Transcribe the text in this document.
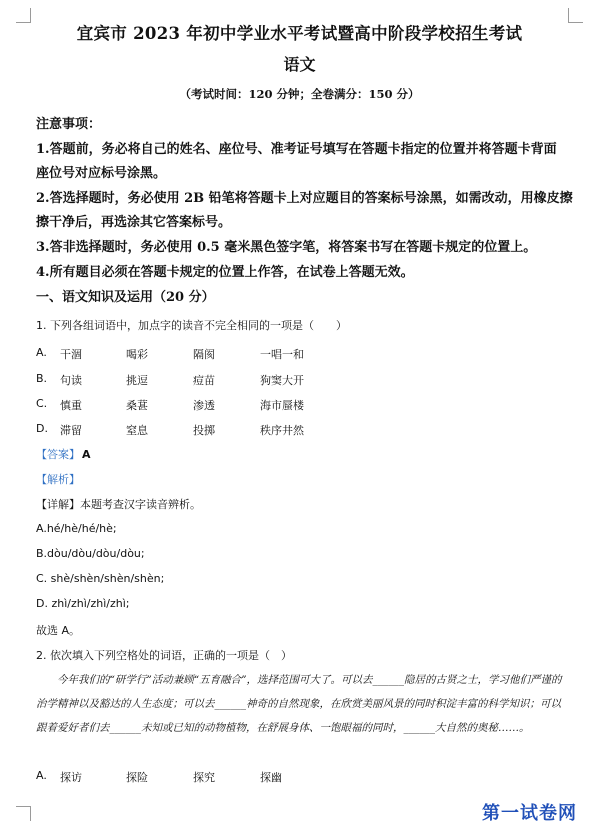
宜宾市 2023 年初中学业水平考试暨高中阶段学校招生考试
语文
（考试时间：120 分钟；全卷满分：150 分）
注意事项：
1.答题前，务必将自己的姓名、座位号、准考证号填写在答题卡指定的位置并将答题卡背面
座位号对应标号涂黑。
2.答选择题时，务必使用 2B 铅笔将答题卡上对应题目的答案标号涂黑，如需改动，用橡皮擦
擦干净后，再选涂其它答案标号。
3.答非选择题时，务必使用 0.5 毫米黑色签字笔，将答案书写在答题卡规定的位置上。
4.所有题目必须在答题卡规定的位置上作答，在试卷上答题无效。
一、语文知识及运用（20 分）
1. 下列各组词语中，加点字的读音不完全相同的一项是（　　）
A. 干涸	喝彩	隔阂	一唱一和
B. 句读	挑逗	痘苗	狗窦大开
C. 慎重	桑葚	渗透	海市蜃楼
D. 滞留	窒息	投掷	秩序井然
【答案】 A
【解析】
【详解】本题考查汉字读音辨析。
A.hé/hè/hé/hè;
B.dòu/dòu/dòu/dòu;
C. shè/shèn/shèn/shèn;
D. zhì/zhì/zhì/zhì;
故选 A。
2. 依次填入下列空格处的词语，正确的一项是（　）
今年我们的“研学行”活动兼顾“五育融合”，选择范围可大了。可以去______隐居的古贤之士，学习他们严谨的治学精神以及豁达的人生态度；可以去______神奇的自然现象，在欣赏美丽风景的同时积淀丰富的科学知识；可以跟着爱好者们去______未知或已知的动物植物，在舒展身体、一饱眼福的同时，______大自然的奥秘……。
A. 探访	探险	探究	探幽
第一试卷网
